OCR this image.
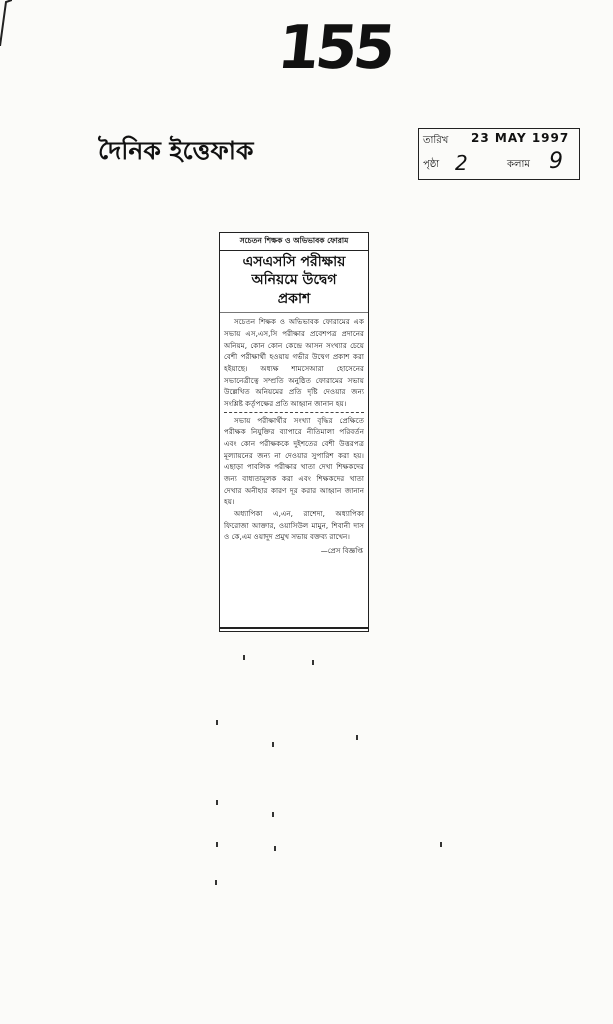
155
দৈনিক ইত্তেফাক	তারিখ 23 MAY 1997
পৃষ্ঠা 2	কলাম 9
সচেতন শিক্ষক ও অভিভাবক ফোরাম
এসএসসি পরীক্ষায়
অনিয়মে উদ্বেগ
প্রকাশ

সচেতন শিক্ষক ও অভিভাবক ফোরামের এক সভায় এস,এস,সি পরীক্ষার প্রবেশপত্র প্রদানের অনিয়ম, কোন কোন কেন্দ্রে আসন সংখ্যার চেয়ে বেশী পরীক্ষার্থী হওয়ায় গভীর উদ্বেগ প্রকাশ করা হইয়াছে। অধ্যক্ষ শামসেআরা হোসেনের সভানেত্রীত্বে সম্প্রতি অনুষ্ঠিত ফোরামের সভায় উল্লেখিত অনিয়মের প্রতি দৃষ্টি দেওয়ার জন্য সংশ্লিষ্ট কর্তৃপক্ষের প্রতি আহ্বান জানান হয়।

সভায় পরীক্ষার্থীর সংখ্যা বৃদ্ধির প্রেক্ষিতে পরীক্ষক নিযুক্তির ব্যাপারে নীতিমালা পরিবর্তন এবং কোন পরীক্ষককে দুইশতের বেশী উত্তরপত্র মূল্যায়নের জন্য না দেওয়ার সুপারিশ করা হয়। এছাড়া পাবলিক পরীক্ষার খাতা দেখা শিক্ষকদের জন্য বাধ্যতামূলক করা এবং শিক্ষকদের খাতা দেখার অনীহার কারণ দূর করার আহ্বান জানান হয়।

অধ্যাপিকা এ,এন, রাশেদা, অধ্যাপিকা ফিরোজা আক্তার, ওয়াসিউল মামুন, শিবানী দাস ও কে,এম ওয়াদুদ প্রমুখ সভায় বক্তব্য রাখেন।

—প্রেস বিজ্ঞপ্তি
